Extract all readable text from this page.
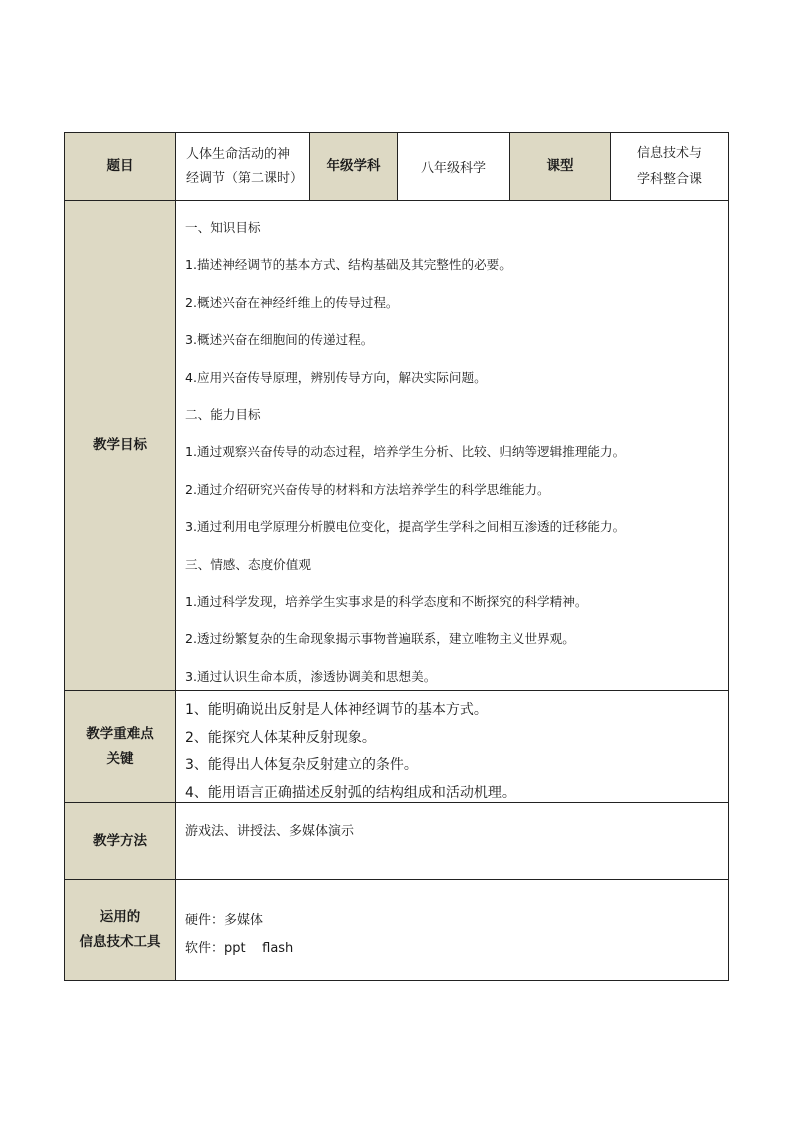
题目
人体生命活动的神
经调节（第二课时）
年级学科	八年级科学	课型
信息技术与
学科整合课
教学目标
一、知识目标
1.描述神经调节的基本方式、结构基础及其完整性的必要。
2.概述兴奋在神经纤维上的传导过程。
3.概述兴奋在细胞间的传递过程。
4.应用兴奋传导原理，辨别传导方向，解决实际问题。
二、能力目标
1.通过观察兴奋传导的动态过程，培养学生分析、比较、归纳等逻辑推理能力。
2.通过介绍研究兴奋传导的材料和方法培养学生的科学思维能力。
3.通过利用电学原理分析膜电位变化，提高学生学科之间相互渗透的迁移能力。
三、情感、态度价值观
1.通过科学发现，培养学生实事求是的科学态度和不断探究的科学精神。
2.透过纷繁复杂的生命现象揭示事物普遍联系，建立唯物主义世界观。
3.通过认识生命本质，渗透协调美和思想美。
教学重难点
关键
1、能明确说出反射是人体神经调节的基本方式。
2、能探究人体某种反射现象。
3、能得出人体复杂反射建立的条件。
4、能用语言正确描述反射弧的结构组成和活动机理。
教学方法
游戏法、讲授法、多媒体演示
运用的
信息技术工具
硬件：多媒体
软件：ppt    flash
